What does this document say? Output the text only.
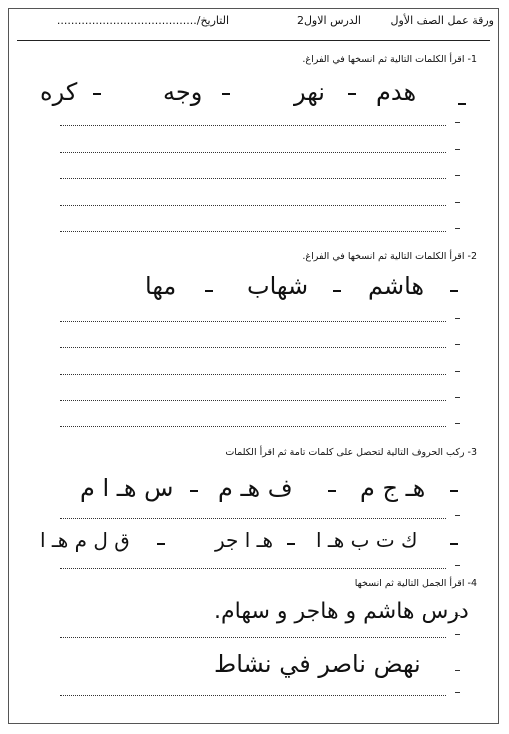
ورقة عمل الصف الأول
الدرس الاول2
التاريخ/........................................
1- اقرأ الكلمات التالية ثم انسخها في الفراغ.
هدم
نهر
وجه
كره
2- اقرأ الكلمات التالية ثم انسخها في الفراغ.
هاشم
شهاب
مها
3- ركب الحروف التالية لتحصل على كلمات تامة ثم اقرأ الكلمات
هـ ج م
ف هـ م
س هـ ا م
ك ت ب هـ ا
هـ ا جر
ق ل م هـ ا
4- اقرأ الجمل التالية ثم انسخها
درس هاشم و هاجر و سهام.
نهض ناصر في نشاط
